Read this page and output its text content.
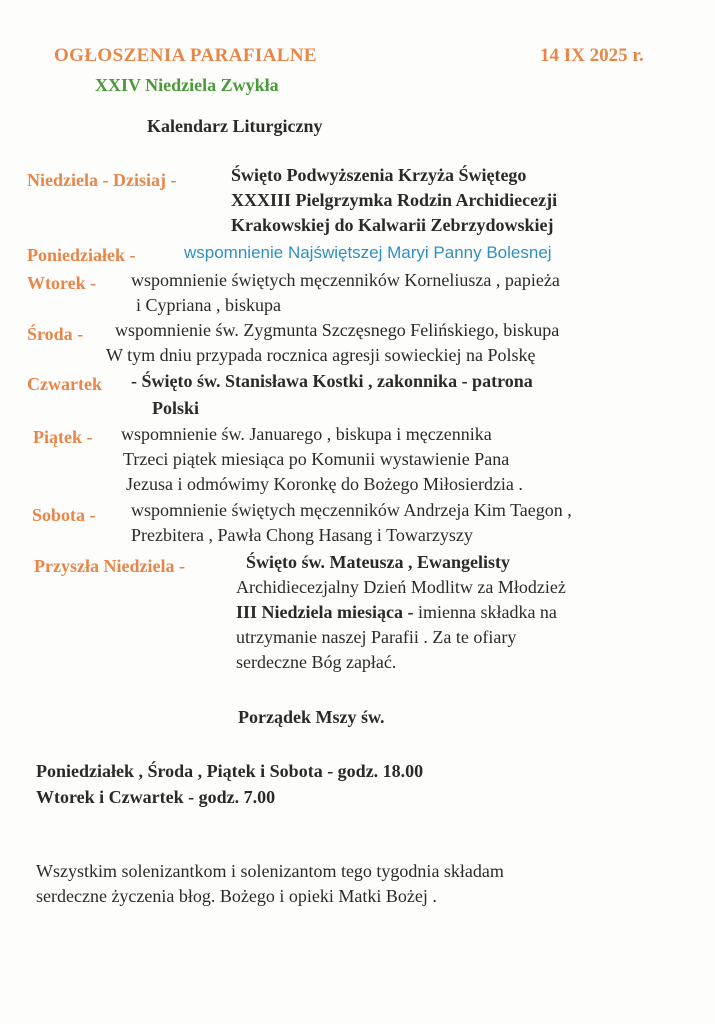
OGŁOSZENIA PARAFIALNE
XXIV Niedziela Zwykła
14 IX 2025 r.
Kalendarz Liturgiczny
Niedziela - Dzisiaj -	Święto Podwyższenia Krzyża Świętego
XXXIII Pielgrzymka Rodzin Archidiecezji
Krakowskiej do Kalwarii Zebrzydowskiej
Poniedziałek -	wspomnienie Najświętszej Maryi Panny Bolesnej
Wtorek - wspomnienie świętych męczenników Korneliusza , papieża
i Cypriana , biskupa
Środa - wspomnienie św. Zygmunta Szczęsnego Felińskiego, biskupa
W tym dniu przypada rocznica agresji sowieckiej na Polskę
Czwartek - Święto św. Stanisława Kostki , zakonnika - patrona
Polski
Piątek - wspomnienie św. Januarego , biskupa i męczennika
Trzeci piątek miesiąca po Komunii wystawienie Pana
Jezusa i odmówimy Koronkę do Bożego Miłosierdzia .
Sobota - wspomnienie świętych męczenników Andrzeja Kim Taegon ,
Prezbitera , Pawła Chong Hasang i Towarzyszy
Przyszła Niedziela -	Święto św. Mateusza , Ewangelisty
Archidiecezjalny Dzień Modlitw za Młodzież
III Niedziela miesiąca - imienna składka na
utrzymanie naszej Parafii . Za te ofiary
serdeczne Bóg zapłać.
Porządek Mszy św.
Poniedziałek , Środa , Piątek i Sobota - godz. 18.00
Wtorek i Czwartek - godz. 7.00
Wszystkim solenizantkom i solenizantom tego tygodnia składam
serdeczne życzenia błog. Bożego i opieki Matki Bożej .
